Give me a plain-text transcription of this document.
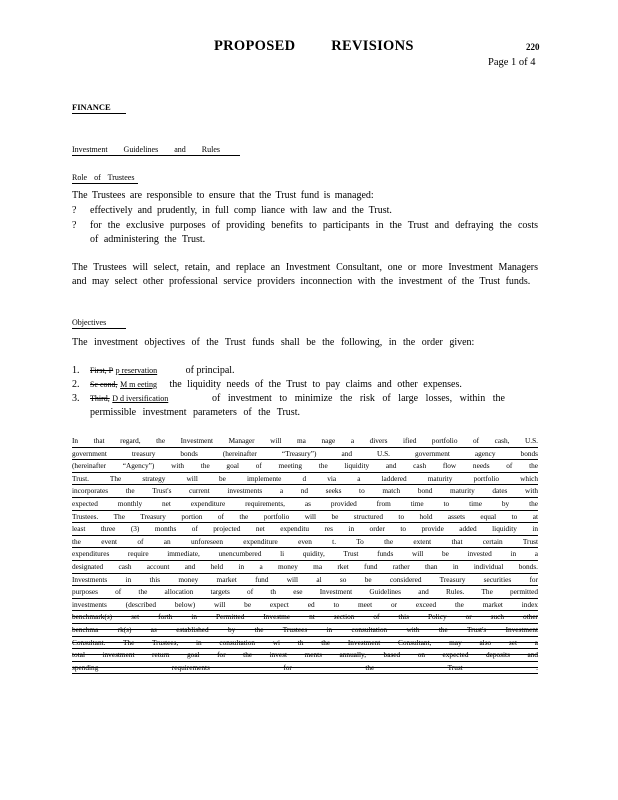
PROPOSED REVISIONS	220
Page 1 of 4
FINANCE
Investment Guidelines and Rules
Role of Trustees
The Trustees are responsible to ensure that the Trust fund is managed:
? effectively and prudently, in full comp liance with law and the Trust.
? for the exclusive purposes of providing benefits to participants in the Trust and defraying the costs of administering the Trust.
The Trustees will select, retain, and replace an Investment Consultant, one or more Investment Managers and may select other professional service providers inconnection with the investment of the Trust funds.
Objectives
The investment objectives of the Trust funds shall be the following, in the order given:
1. First, P p reservation	of principal.
2. Se cond, M m eeting the liquidity needs of the Trust to pay claims and other expenses.
3. Third, D d iversification	of investment to minimize the risk of large losses, within the permissible investment parameters of the Trust.
In that regard, the Investment Manager will ma nage a divers ified portfolio of cash, U.S.
government treasury bonds (hereinafter “Treasury”) and U.S. government agency bonds
(hereinafter “Agency”) with the goal of meeting the liquidity and cash flow needs of the
Trust. The strategy will be implemente d via a laddered maturity portfolio which
incorporates the Trust's current investments a nd seeks to match bond maturity dates with
expected monthly net expenditure requirements, as provided from time to time by the
Trustees. The Treasury portion of the portfolio will be structured to hold assets equal to at
least three (3) months of projected net expenditu res in order to provide added liquidity in
the event of an unforeseen expenditure even t. To the extent that certain Trust
expenditures require immediate, unencumbered li quidity, Trust funds will be invested in a
designated cash account and held in a money ma rket fund rather than in individual bonds.
Investments in this money market fund will al so be considered Treasury securities for
purposes of the allocation targets of th ese Investment Guidelines and Rules. The permitted
investments (described below) will be expect ed to meet or exceed the market index
benchmark(s) set forth in Permitted Investme nt section of this Policy or such other
benchma rk(s) as established by the Trustees in consultation with the Trust's Investment
Consultant. The Trustees, in consultation wi th the Investment Consultant, may also set a
total investment return goal for the invest ments annually, based on expected deposits and
spending requirements for the Trust .
